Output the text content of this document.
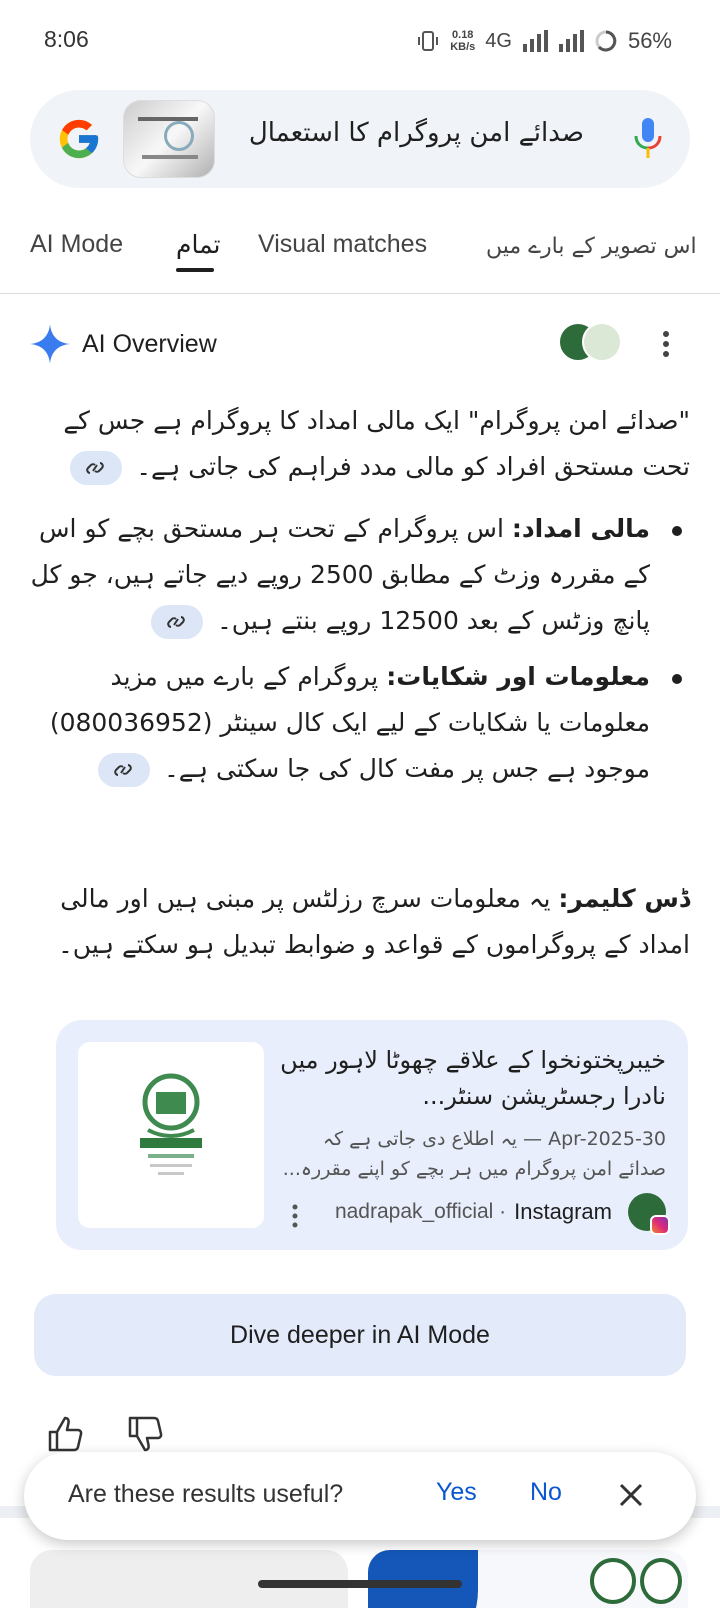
8:06	0.18
KB/s 4G	56%
صدائے امن پروگرام کا استعمال
AI Mode تمام Visual matches	اس تصویر کے بارے میں
AI Overview
"صدائے امن پروگرام" ایک مالی امداد کا پروگرام ہے جس کے تحت مستحق افراد کو مالی مدد فراہم کی جاتی ہے۔
مالی امداد: اس پروگرام کے تحت ہر مستحق بچے کو اس کے مقررہ وزٹ کے مطابق 2500 روپے دیے جاتے ہیں، جو کل پانچ وزٹس کے بعد 12500 روپے بنتے ہیں۔
معلومات اور شکایات: پروگرام کے بارے میں مزید معلومات یا شکایات کے لیے ایک کال سینٹر (080036952) موجود ہے جس پر مفت کال کی جا سکتی ہے۔
ڈس کلیمر: یہ معلومات سرچ رزلٹس پر مبنی ہیں اور مالی امداد کے پروگراموں کے قواعد و ضوابط تبدیل ہو سکتے ہیں۔
خیبرپختونخوا کے علاقے چھوٹا لاہور میں نادرا رجسٹریشن سنٹر...
30-Apr-2025 — یہ اطلاع دی جاتی ہے کہ صدائے امن پروگرام میں ہر بچے کو اپنے مقررہ...
nadrapak_official · Instagram
Dive deeper in AI Mode
Are these results useful?	Yes No
